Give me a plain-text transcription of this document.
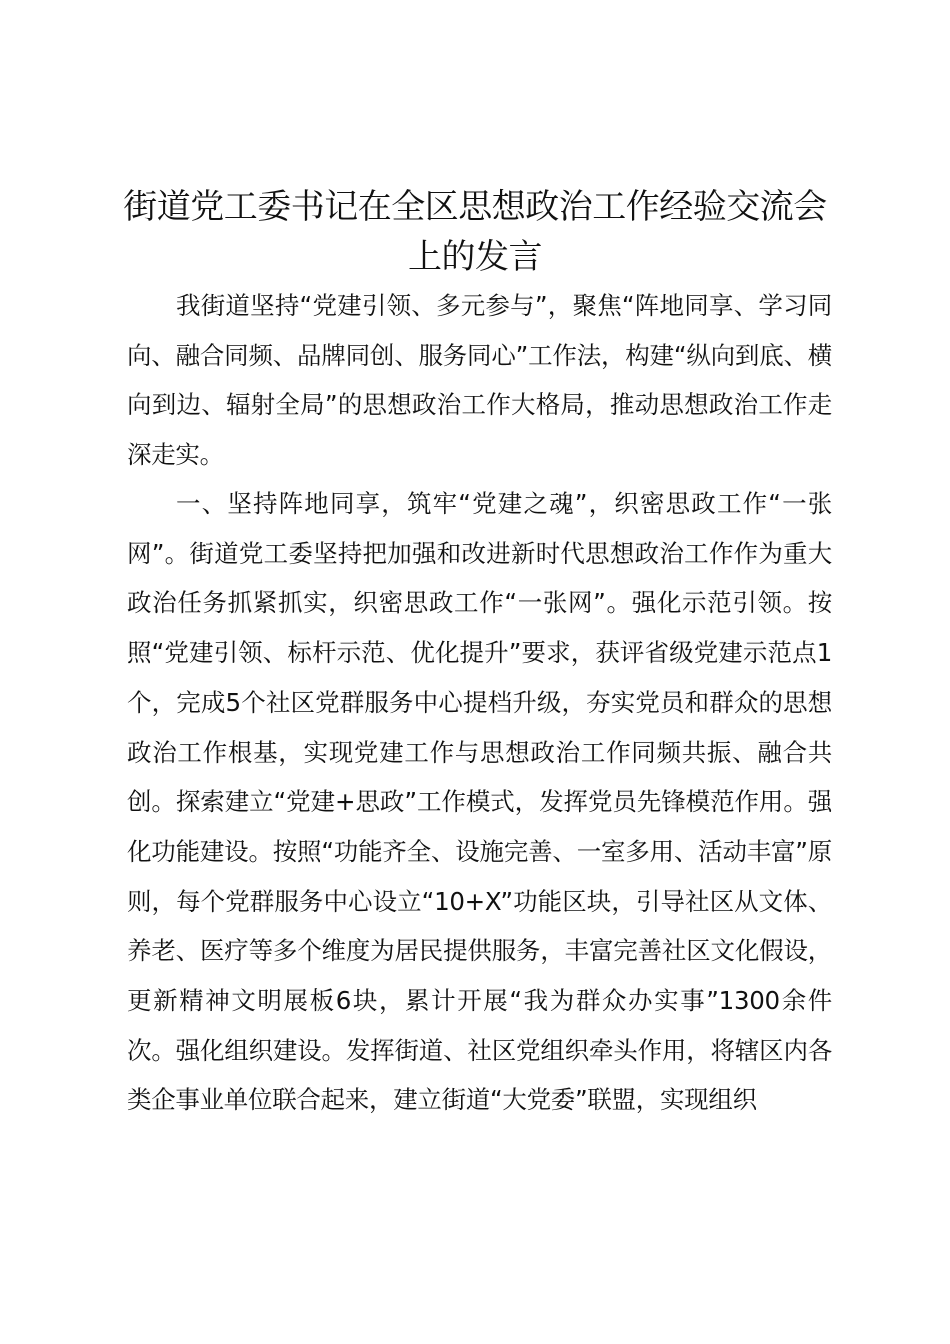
街道党工委书记在全区思想政治工作经验交流会上的发言

我街道坚持“党建引领、多元参与”，聚焦“阵地同享、学习同向、融合同频、品牌同创、服务同心”工作法，构建“纵向到底、横向到边、辐射全局”的思想政治工作大格局，推动思想政治工作走深走实。

一、坚持阵地同享，筑牢“党建之魂”，织密思政工作“一张网”。街道党工委坚持把加强和改进新时代思想政治工作作为重大政治任务抓紧抓实，织密思政工作“一张网”。强化示范引领。按照“党建引领、标杆示范、优化提升”要求，获评省级党建示范点1个，完成5个社区党群服务中心提档升级，夯实党员和群众的思想政治工作根基，实现党建工作与思想政治工作同频共振、融合共创。探索建立“党建+思政”工作模式，发挥党员先锋模范作用。强化功能建设。按照“功能齐全、设施完善、一室多用、活动丰富”原则，每个党群服务中心设立“10+X”功能区块，引导社区从文体、养老、医疗等多个维度为居民提供服务，丰富完善社区文化假设，更新精神文明展板6块，累计开展“我为群众办实事”1300余件次。强化组织建设。发挥街道、社区党组织牵头作用，将辖区内各类企事业单位联合起来，建立街道“大党委”联盟，实现组织
